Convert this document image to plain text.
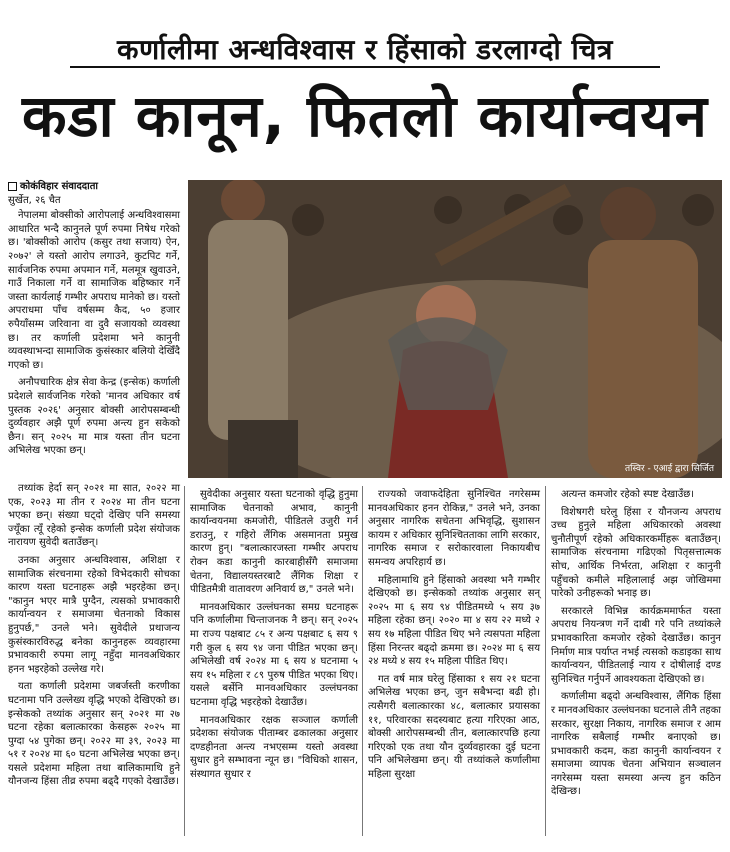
कर्णालीमा अन्धविश्वास र हिंसाको डरलाग्दो चित्र
कडा कानून, फितलो कार्यान्वयन
कोकंविहार संवाददाता
सुर्खेत, २६ चैत

नेपालमा बोक्सीको आरोपलाई अन्धविश्वासमा आधारित भन्दै कानुनले पूर्ण रुपमा निषेध गरेको छ। 'बोक्सीको आरोप (कसुर तथा सजाय) ऐन, २०७२' ले यस्तो आरोप लगाउने, कुटपिट गर्ने, सार्वजनिक रुपमा अपमान गर्ने, मलमूत्र खुवाउने, गाउँ निकाला गर्ने वा सामाजिक बहिष्कार गर्ने जस्ता कार्यलाई गम्भीर अपराध मानेको छ। यस्तो अपराधमा पाँच वर्षसम्म कैद, ५० हजार रुपैयाँसम्म जरिवाना वा दुवै सजायको व्यवस्था छ। तर कर्णाली प्रदेशमा भने कानुनी व्यवस्थाभन्दा सामाजिक कुसंस्कार बलियो देखिँदै गएको छ।

अनौपचारिक क्षेत्र सेवा केन्द्र (इन्सेक) कर्णाली प्रदेशले सार्वजनिक गरेको 'मानव अधिकार वर्ष पुस्तक २०२६' अनुसार बोक्सी आरोपसम्बन्धी दुर्व्यवहार अझै पूर्ण रुपमा अन्त्य हुन सकेको छैन। सन् २०२५ मा मात्र यस्ता तीन घटना अभिलेख भएका छन्।

तस्विर - एआई द्वारा सिर्जित

तथ्यांक हेर्दा सन् २०२१ मा सात, २०२२ मा एक, २०२३ मा तीन र २०२४ मा तीन घटना भएका छन्। संख्या घट्दो देखिए पनि समस्या ज्यूँका त्यूँ रहेको इन्सेक कर्णाली प्रदेश संयोजक नारायण सुवेदी बताउँछन्।

उनका अनुसार अन्धविश्वास, अशिक्षा र सामाजिक संरचनामा रहेको विभेदकारी सोचका कारण यस्ता घटनाहरू अझै भइरहेका छन्। "कानुन भएर मात्रै पुग्दैन, त्यसको प्रभावकारी कार्यान्वयन र समाजमा चेतनाको विकास हुनुपर्छ," उनले भने। सुवेदीले प्रथाजन्य कुसंस्कारविरुद्ध बनेका कानुनहरू व्यवहारमा प्रभावकारी रुपमा लागू नहुँदा मानवअधिकार हनन भइरहेको उल्लेख गरे।

यता कर्णाली प्रदेशमा जबर्जस्ती करणीका घटनामा पनि उल्लेख्य वृद्धि भएको देखिएको छ। इन्सेकको तथ्यांक अनुसार सन् २०२१ मा २७ घटना रहेका बलात्कारका केसहरू २०२५ मा पुग्दा ५४ पुगेका छन्। २०२२ मा ३९, २०२३ मा ५१ र २०२४ मा ६० घटना अभिलेख भएका छन्। यसले प्रदेशमा महिला तथा बालिकामाथि हुने यौनजन्य हिंसा तीव्र रुपमा बढ्दै गएको देखाउँछ।

सुवेदीका अनुसार यस्ता घटनाको वृद्धि हुनुमा सामाजिक चेतनाको अभाव, कानुनी कार्यान्वयनमा कमजोरी, पीडितले उजुरी गर्न डराउनु, र गहिरो लैंगिक असमानता प्रमुख कारण हुन्। "बलात्कारजस्ता गम्भीर अपराध रोक्न कडा कानुनी कारबाहीसँगै समाजमा चेतना, विद्यालयस्तरबाटै लैंगिक शिक्षा र पीडितमैत्री वातावरण अनिवार्य छ," उनले भने।

मानवअधिकार उल्लंघनका समग्र घटनाहरू पनि कर्णालीमा चिन्ताजनक नै छन्। सन् २०२५ मा राज्य पक्षबाट ८५ र अन्य पक्षबाट ६ सय ९ गरी कुल ६ सय ९४ जना पीडित भएका छन्। अभिलेखी वर्ष २०२४ मा ६ सय ४ घटनामा ५ सय १५ महिला र ८९ पुरुष पीडित भएका थिए। यसले बर्सेनि मानवअधिकार उल्लंघनका घटनामा वृद्धि भइरहेको देखाउँछ।

मानवअधिकार रक्षक सञ्जाल कर्णाली प्रदेशका संयोजक पीताम्बर ढकालका अनुसार दण्डहीनता अन्त्य नभएसम्म यस्तो अवस्था सुधार हुने सम्भावना न्यून छ। "विधिको शासन, संस्थागत सुधार र

राज्यको जवाफदेहिता सुनिश्चित नगरेसम्म मानवअधिकार हनन रोकिन्न," उनले भने, उनका अनुसार नागरिक सचेतना अभिवृद्धि, सुशासन कायम र अधिकार सुनिश्चितताका लागि सरकार, नागरिक समाज र सरोकारवाला निकायबीच समन्वय अपरिहार्य छ।

महिलामाथि हुने हिंसाको अवस्था भनै गम्भीर देखिएको छ। इन्सेकको तथ्यांक अनुसार सन् २०२५ मा ६ सय ९४ पीडितमध्ये ५ सय ३७ महिला रहेका छन्। २०२० मा ४ सय २२ मध्ये २ सय १७ महिला पीडित थिए भने त्यसपता महिला हिंसा निरन्तर बढ्दो क्रममा छ। २०२४ मा ६ सय २४ मध्ये ४ सय १५ महिला पीडित थिए।

गत वर्ष मात्र घरेलु हिंसाका १ सय २१ घटना अभिलेख भएका छन्, जुन सबैभन्दा बढी हो। त्यसैगरी बलात्कारका ४८, बलात्कार प्रयासका ११, परिवारका सदस्यबाट हत्या गरिएका आठ, बोक्सी आरोपसम्बन्धी तीन, बलात्कारपछि हत्या गरिएको एक तथा यौन दुर्व्यवहारका दुई घटना पनि अभिलेखमा छन्। यी तथ्यांकले कर्णालीमा महिला सुरक्षा

अत्यन्त कमजोर रहेको स्पष्ट देखाउँछ।

विशेषगरी घरेलु हिंसा र यौनजन्य अपराध उच्च हुनुले महिला अधिकारको अवस्था चुनौतीपूर्ण रहेको अधिकारकर्मीहरू बताउँछन्। सामाजिक संरचनामा गढिएको पितृसत्तात्मक सोच, आर्थिक निर्भरता, अशिक्षा र कानुनी पहुँचको कमीले महिलालाई अझ जोखिममा पारेको उनीहरूको भनाइ छ।

सरकारले विभिन्न कार्यक्रममार्फत यस्ता अपराध नियन्त्रण गर्ने दाबी गरे पनि तथ्यांकले प्रभावकारिता कमजोर रहेको देखाउँछ। कानुन निर्माण मात्र पर्याप्त नभई त्यसको कडाइका साथ कार्यान्वयन, पीडितलाई न्याय र दोषीलाई दण्ड सुनिश्चित गर्नुपर्ने आवश्यकता देखिएको छ।

कर्णालीमा बढ्दो अन्धविश्वास, लैंगिक हिंसा र मानवअधिकार उल्लंघनका घटनाले तीनै तहका सरकार, सुरक्षा निकाय, नागरिक समाज र आम नागरिक सबैलाई गम्भीर बनाएको छ। प्रभावकारी कदम, कडा कानुनी कार्यान्वयन र समाजमा व्यापक चेतना अभियान सञ्चालन नगरेसम्म यस्ता समस्या अन्त्य हुन कठिन देखिन्छ।
